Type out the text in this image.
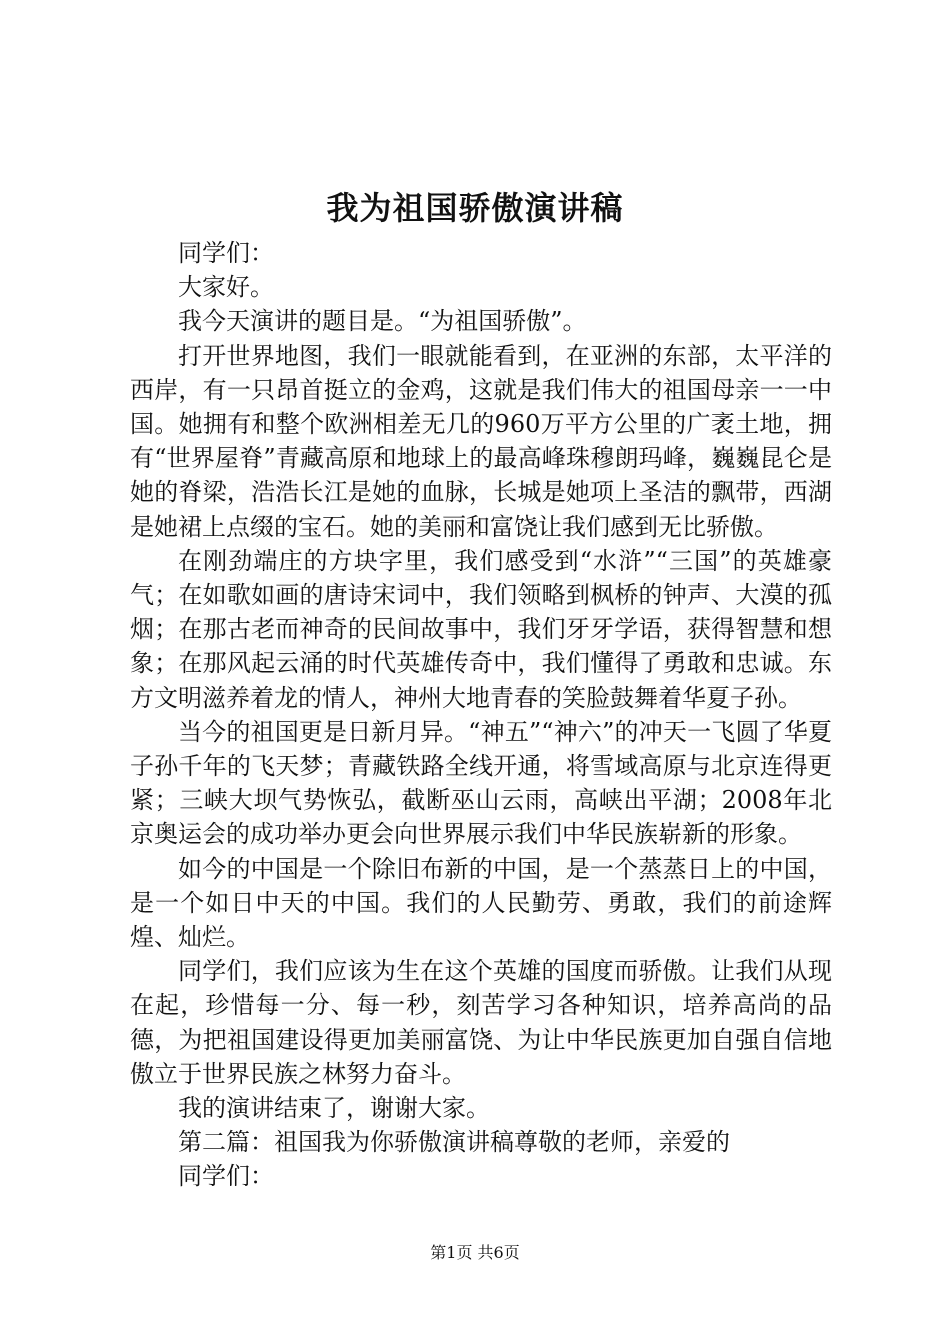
我为祖国骄傲演讲稿

同学们：

大家好。

我今天演讲的题目是。“为祖国骄傲”。

打开世界地图，我们一眼就能看到，在亚洲的东部，太平洋的西岸，有一只昂首挺立的金鸡，这就是我们伟大的祖国母亲一一中国。她拥有和整个欧洲相差无几的960万平方公里的广袤土地，拥有“世界屋脊”青藏高原和地球上的最高峰珠穆朗玛峰，巍巍昆仑是她的脊梁，浩浩长江是她的血脉，长城是她项上圣洁的飘带，西湖是她裙上点缀的宝石。她的美丽和富饶让我们感到无比骄傲。

在刚劲端庄的方块字里，我们感受到“水浒”“三国”的英雄豪气；在如歌如画的唐诗宋词中，我们领略到枫桥的钟声、大漠的孤烟；在那古老而神奇的民间故事中，我们牙牙学语，获得智慧和想象；在那风起云涌的时代英雄传奇中，我们懂得了勇敢和忠诚。东方文明滋养着龙的情人，神州大地青春的笑脸鼓舞着华夏子孙。

当今的祖国更是日新月异。“神五”“神六”的冲天一飞圆了华夏子孙千年的飞天梦；青藏铁路全线开通，将雪域高原与北京连得更紧；三峡大坝气势恢弘，截断巫山云雨，高峡出平湖；2008年北京奥运会的成功举办更会向世界展示我们中华民族崭新的形象。

如今的中国是一个除旧布新的中国，是一个蒸蒸日上的中国，是一个如日中天的中国。我们的人民勤劳、勇敢，我们的前途辉煌、灿烂。

同学们，我们应该为生在这个英雄的国度而骄傲。让我们从现在起，珍惜每一分、每一秒，刻苦学习各种知识，培养高尚的品德，为把祖国建设得更加美丽富饶、为让中华民族更加自强自信地傲立于世界民族之林努力奋斗。

我的演讲结束了，谢谢大家。

第二篇：祖国我为你骄傲演讲稿尊敬的老师，亲爱的

同学们：

第1页 共6页
